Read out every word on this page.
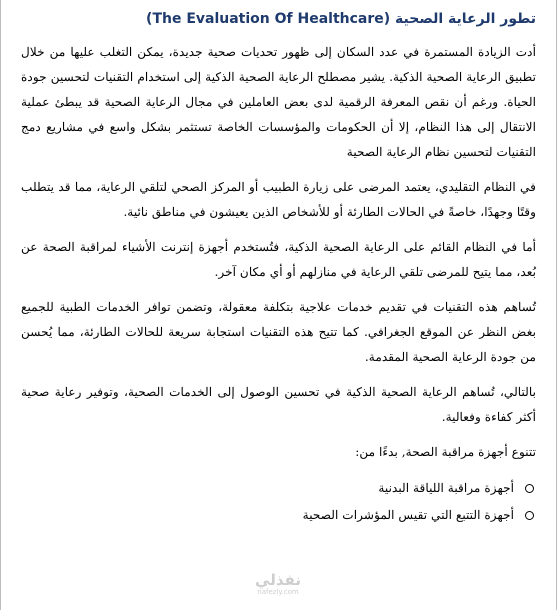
تطور الرعاية الصحية (The Evaluation Of Healthcare)

أدت الزيادة المستمرة في عدد السكان إلى ظهور تحديات صحية جديدة، يمكن التغلب عليها من خلال تطبيق الرعاية الصحية الذكية. يشير مصطلح الرعاية الصحية الذكية إلى استخدام التقنيات لتحسين جودة الحياة. ورغم أن نقص المعرفة الرقمية لدى بعض العاملين في مجال الرعاية الصحية قد يبطئ عملية الانتقال إلى هذا النظام، إلا أن الحكومات والمؤسسات الخاصة تستثمر بشكل واسع في مشاريع دمج التقنيات لتحسين نظام الرعاية الصحية

في النظام التقليدي، يعتمد المرضى على زيارة الطبيب أو المركز الصحي لتلقي الرعاية، مما قد يتطلب وقتًا وجهدًا، خاصةً في الحالات الطارئة أو للأشخاص الذين يعيشون في مناطق نائية.

أما في النظام القائم على الرعاية الصحية الذكية، فتُستخدم أجهزة إنترنت الأشياء لمراقبة الصحة عن بُعد، مما يتيح للمرضى تلقي الرعاية في منازلهم أو أي مكان آخر.

تُساهم هذه التقنيات في تقديم خدمات علاجية بتكلفة معقولة، وتضمن توافر الخدمات الطبية للجميع بغض النظر عن الموقع الجغرافي. كما تتيح هذه التقنيات استجابة سريعة للحالات الطارئة، مما يُحسن من جودة الرعاية الصحية المقدمة.

بالتالي، تُساهم الرعاية الصحية الذكية في تحسين الوصول إلى الخدمات الصحية، وتوفير رعاية صحية أكثر كفاءة وفعالية.

تتنوع أجهزة مراقبة الصحة, بدءًا من:

أجهزة مراقبة اللياقة البدنية
أجهزة التتبع التي تقيس المؤشرات الصحية
نفذلي
nafezly.com
